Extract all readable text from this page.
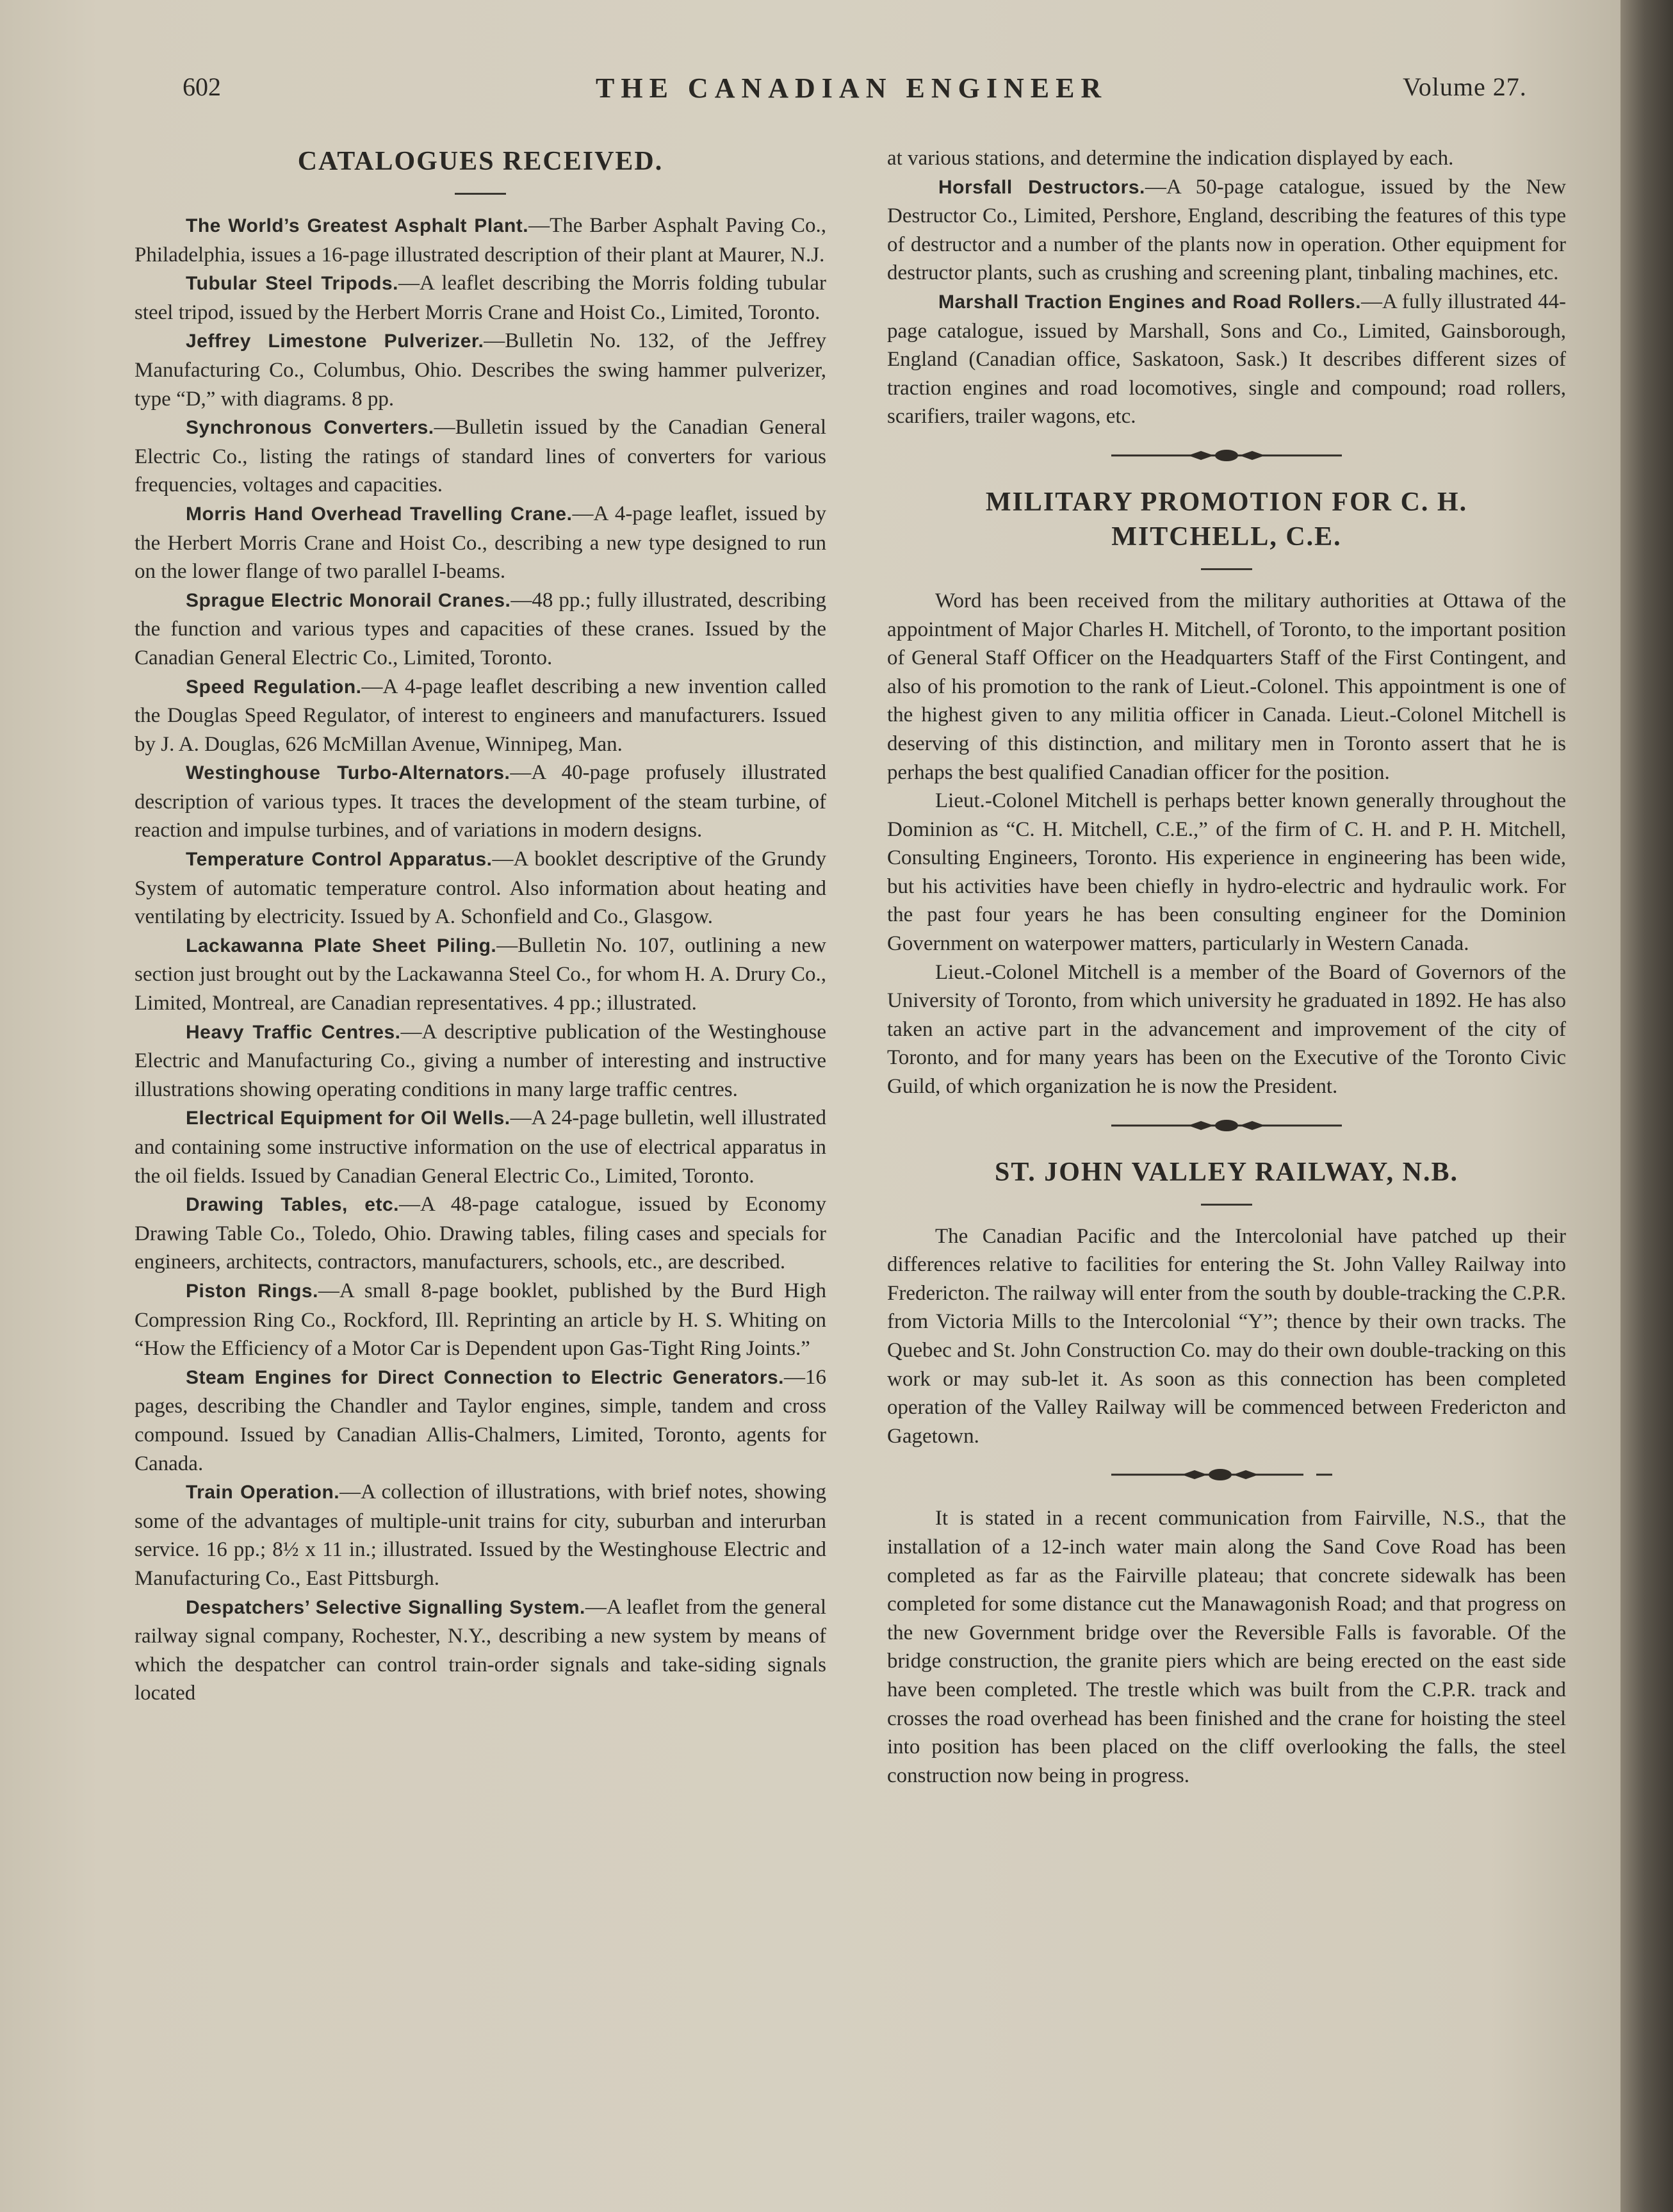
602	THE CANADIAN ENGINEER	Volume 27.
CATALOGUES RECEIVED.

The World’s Greatest Asphalt Plant.—The Barber Asphalt Paving Co., Philadelphia, issues a 16-page illustrated description of their plant at Maurer, N.J.

Tubular Steel Tripods.—A leaflet describing the Morris folding tubular steel tripod, issued by the Herbert Morris Crane and Hoist Co., Limited, Toronto.

Jeffrey Limestone Pulverizer.—Bulletin No. 132, of the Jeffrey Manufacturing Co., Columbus, Ohio. Describes the swing hammer pulverizer, type “D,” with diagrams. 8 pp.

Synchronous Converters.—Bulletin issued by the Canadian General Electric Co., listing the ratings of standard lines of converters for various frequencies, voltages and capacities.

Morris Hand Overhead Travelling Crane.—A 4-page leaflet, issued by the Herbert Morris Crane and Hoist Co., describing a new type designed to run on the lower flange of two parallel I-beams.

Sprague Electric Monorail Cranes.—48 pp.; fully illustrated, describing the function and various types and capacities of these cranes. Issued by the Canadian General Electric Co., Limited, Toronto.

Speed Regulation.—A 4-page leaflet describing a new invention called the Douglas Speed Regulator, of interest to engineers and manufacturers. Issued by J. A. Douglas, 626 McMillan Avenue, Winnipeg, Man.

Westinghouse Turbo-Alternators.—A 40-page profusely illustrated description of various types. It traces the development of the steam turbine, of reaction and impulse turbines, and of variations in modern designs.

Temperature Control Apparatus.—A booklet descriptive of the Grundy System of automatic temperature control. Also information about heating and ventilating by electricity. Issued by A. Schonfield and Co., Glasgow.

Lackawanna Plate Sheet Piling.—Bulletin No. 107, outlining a new section just brought out by the Lackawanna Steel Co., for whom H. A. Drury Co., Limited, Montreal, are Canadian representatives. 4 pp.; illustrated.

Heavy Traffic Centres.—A descriptive publication of the Westinghouse Electric and Manufacturing Co., giving a number of interesting and instructive illustrations showing operating conditions in many large traffic centres.

Electrical Equipment for Oil Wells.—A 24-page bulletin, well illustrated and containing some instructive information on the use of electrical apparatus in the oil fields. Issued by Canadian General Electric Co., Limited, Toronto.

Drawing Tables, etc.—A 48-page catalogue, issued by Economy Drawing Table Co., Toledo, Ohio. Drawing tables, filing cases and specials for engineers, architects, contractors, manufacturers, schools, etc., are described.

Piston Rings.—A small 8-page booklet, published by the Burd High Compression Ring Co., Rockford, Ill. Reprinting an article by H. S. Whiting on “How the Efficiency of a Motor Car is Dependent upon Gas-Tight Ring Joints.”

Steam Engines for Direct Connection to Electric Generators.—16 pages, describing the Chandler and Taylor engines, simple, tandem and cross compound. Issued by Canadian Allis-Chalmers, Limited, Toronto, agents for Canada.

Train Operation.—A collection of illustrations, with brief notes, showing some of the advantages of multiple-unit trains for city, suburban and interurban service. 16 pp.; 8½ x 11 in.; illustrated. Issued by the Westinghouse Electric and Manufacturing Co., East Pittsburgh.

Despatchers’ Selective Signalling System.—A leaflet from the general railway signal company, Rochester, N.Y., describing a new system by means of which the despatcher can control train-order signals and take-siding signals located

at various stations, and determine the indication displayed by each.

Horsfall Destructors.—A 50-page catalogue, issued by the New Destructor Co., Limited, Pershore, England, describing the features of this type of destructor and a number of the plants now in operation. Other equipment for destructor plants, such as crushing and screening plant, tinbaling machines, etc.

Marshall Traction Engines and Road Rollers.—A fully illustrated 44-page catalogue, issued by Marshall, Sons and Co., Limited, Gainsborough, England (Canadian office, Saskatoon, Sask.) It describes different sizes of traction engines and road locomotives, single and compound; road rollers, scarifiers, trailer wagons, etc.

MILITARY PROMOTION FOR C. H.
MITCHELL, C.E.

Word has been received from the military authorities at Ottawa of the appointment of Major Charles H. Mitchell, of Toronto, to the important position of General Staff Officer on the Headquarters Staff of the First Contingent, and also of his promotion to the rank of Lieut.-Colonel. This appointment is one of the highest given to any militia officer in Canada. Lieut.-Colonel Mitchell is deserving of this distinction, and military men in Toronto assert that he is perhaps the best qualified Canadian officer for the position.

Lieut.-Colonel Mitchell is perhaps better known generally throughout the Dominion as “C. H. Mitchell, C.E.,” of the firm of C. H. and P. H. Mitchell, Consulting Engineers, Toronto. His experience in engineering has been wide, but his activities have been chiefly in hydro-electric and hydraulic work. For the past four years he has been consulting engineer for the Dominion Government on waterpower matters, particularly in Western Canada.

Lieut.-Colonel Mitchell is a member of the Board of Governors of the University of Toronto, from which university he graduated in 1892. He has also taken an active part in the advancement and improvement of the city of Toronto, and for many years has been on the Executive of the Toronto Civic Guild, of which organization he is now the President.

ST. JOHN VALLEY RAILWAY, N.B.

The Canadian Pacific and the Intercolonial have patched up their differences relative to facilities for entering the St. John Valley Railway into Fredericton. The railway will enter from the south by double-tracking the C.P.R. from Victoria Mills to the Intercolonial “Y”; thence by their own tracks. The Quebec and St. John Construction Co. may do their own double-tracking on this work or may sub-let it. As soon as this connection has been completed operation of the Valley Railway will be commenced between Fredericton and Gagetown.

It is stated in a recent communication from Fairville, N.S., that the installation of a 12-inch water main along the Sand Cove Road has been completed as far as the Fairville plateau; that concrete sidewalk has been completed for some distance cut the Manawagonish Road; and that progress on the new Government bridge over the Reversible Falls is favorable. Of the bridge construction, the granite piers which are being erected on the east side have been completed. The trestle which was built from the C.P.R. track and crosses the road overhead has been finished and the crane for hoisting the steel into position has been placed on the cliff overlooking the falls, the steel construction now being in progress.
